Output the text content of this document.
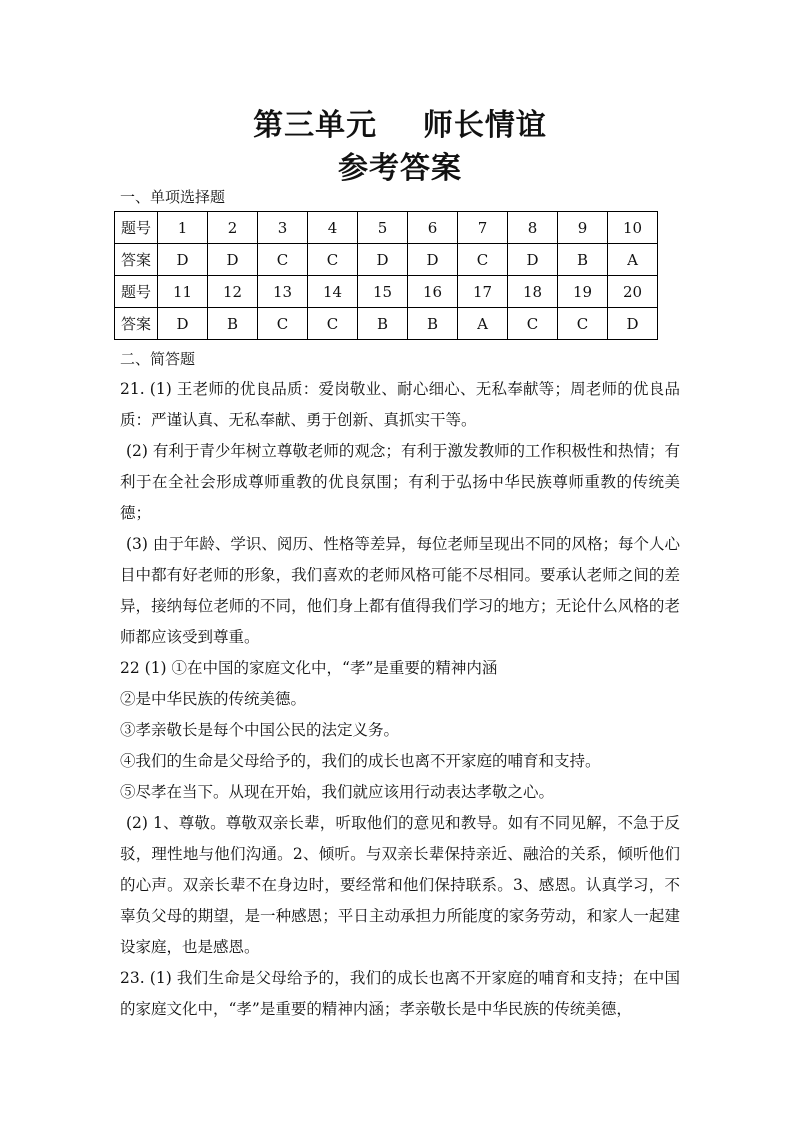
第三单元    师长情谊
参考答案
一、单项选择题
题号	1	2	3	4	5	6	7	8	9	10
答案	D	D	C	C	D	D	C	D	B	A
题号	11	12	13	14	15	16	17	18	19	20
答案	D	B	C	C	B	B	A	C	C	D
二、简答题

21. (1) 王老师的优良品质：爱岗敬业、耐心细心、无私奉献等；周老师的优良品质：严谨认真、无私奉献、勇于创新、真抓实干等。

(2) 有利于青少年树立尊敬老师的观念；有利于激发教师的工作积极性和热情；有利于在全社会形成尊师重教的优良氛围；有利于弘扬中华民族尊师重教的传统美德；

(3) 由于年龄、学识、阅历、性格等差异，每位老师呈现出不同的风格；每个人心目中都有好老师的形象，我们喜欢的老师风格可能不尽相同。要承认老师之间的差异，接纳每位老师的不同，他们身上都有值得我们学习的地方；无论什么风格的老师都应该受到尊重。

22 (1) ①在中国的家庭文化中，“孝”是重要的精神内涵

②是中华民族的传统美德。

③孝亲敬长是每个中国公民的法定义务。

④我们的生命是父母给予的，我们的成长也离不开家庭的哺育和支持。

⑤尽孝在当下。从现在开始，我们就应该用行动表达孝敬之心。

(2) 1、尊敬。尊敬双亲长辈，听取他们的意见和教导。如有不同见解，不急于反驳，理性地与他们沟通。2、倾听。与双亲长辈保持亲近、融洽的关系，倾听他们的心声。双亲长辈不在身边时，要经常和他们保持联系。3、感恩。认真学习，不辜负父母的期望，是一种感恩；平日主动承担力所能度的家务劳动，和家人一起建设家庭，也是感恩。

23. (1) 我们生命是父母给予的，我们的成长也离不开家庭的哺育和支持；在中国的家庭文化中，“孝”是重要的精神内涵；孝亲敬长是中华民族的传统美德，
